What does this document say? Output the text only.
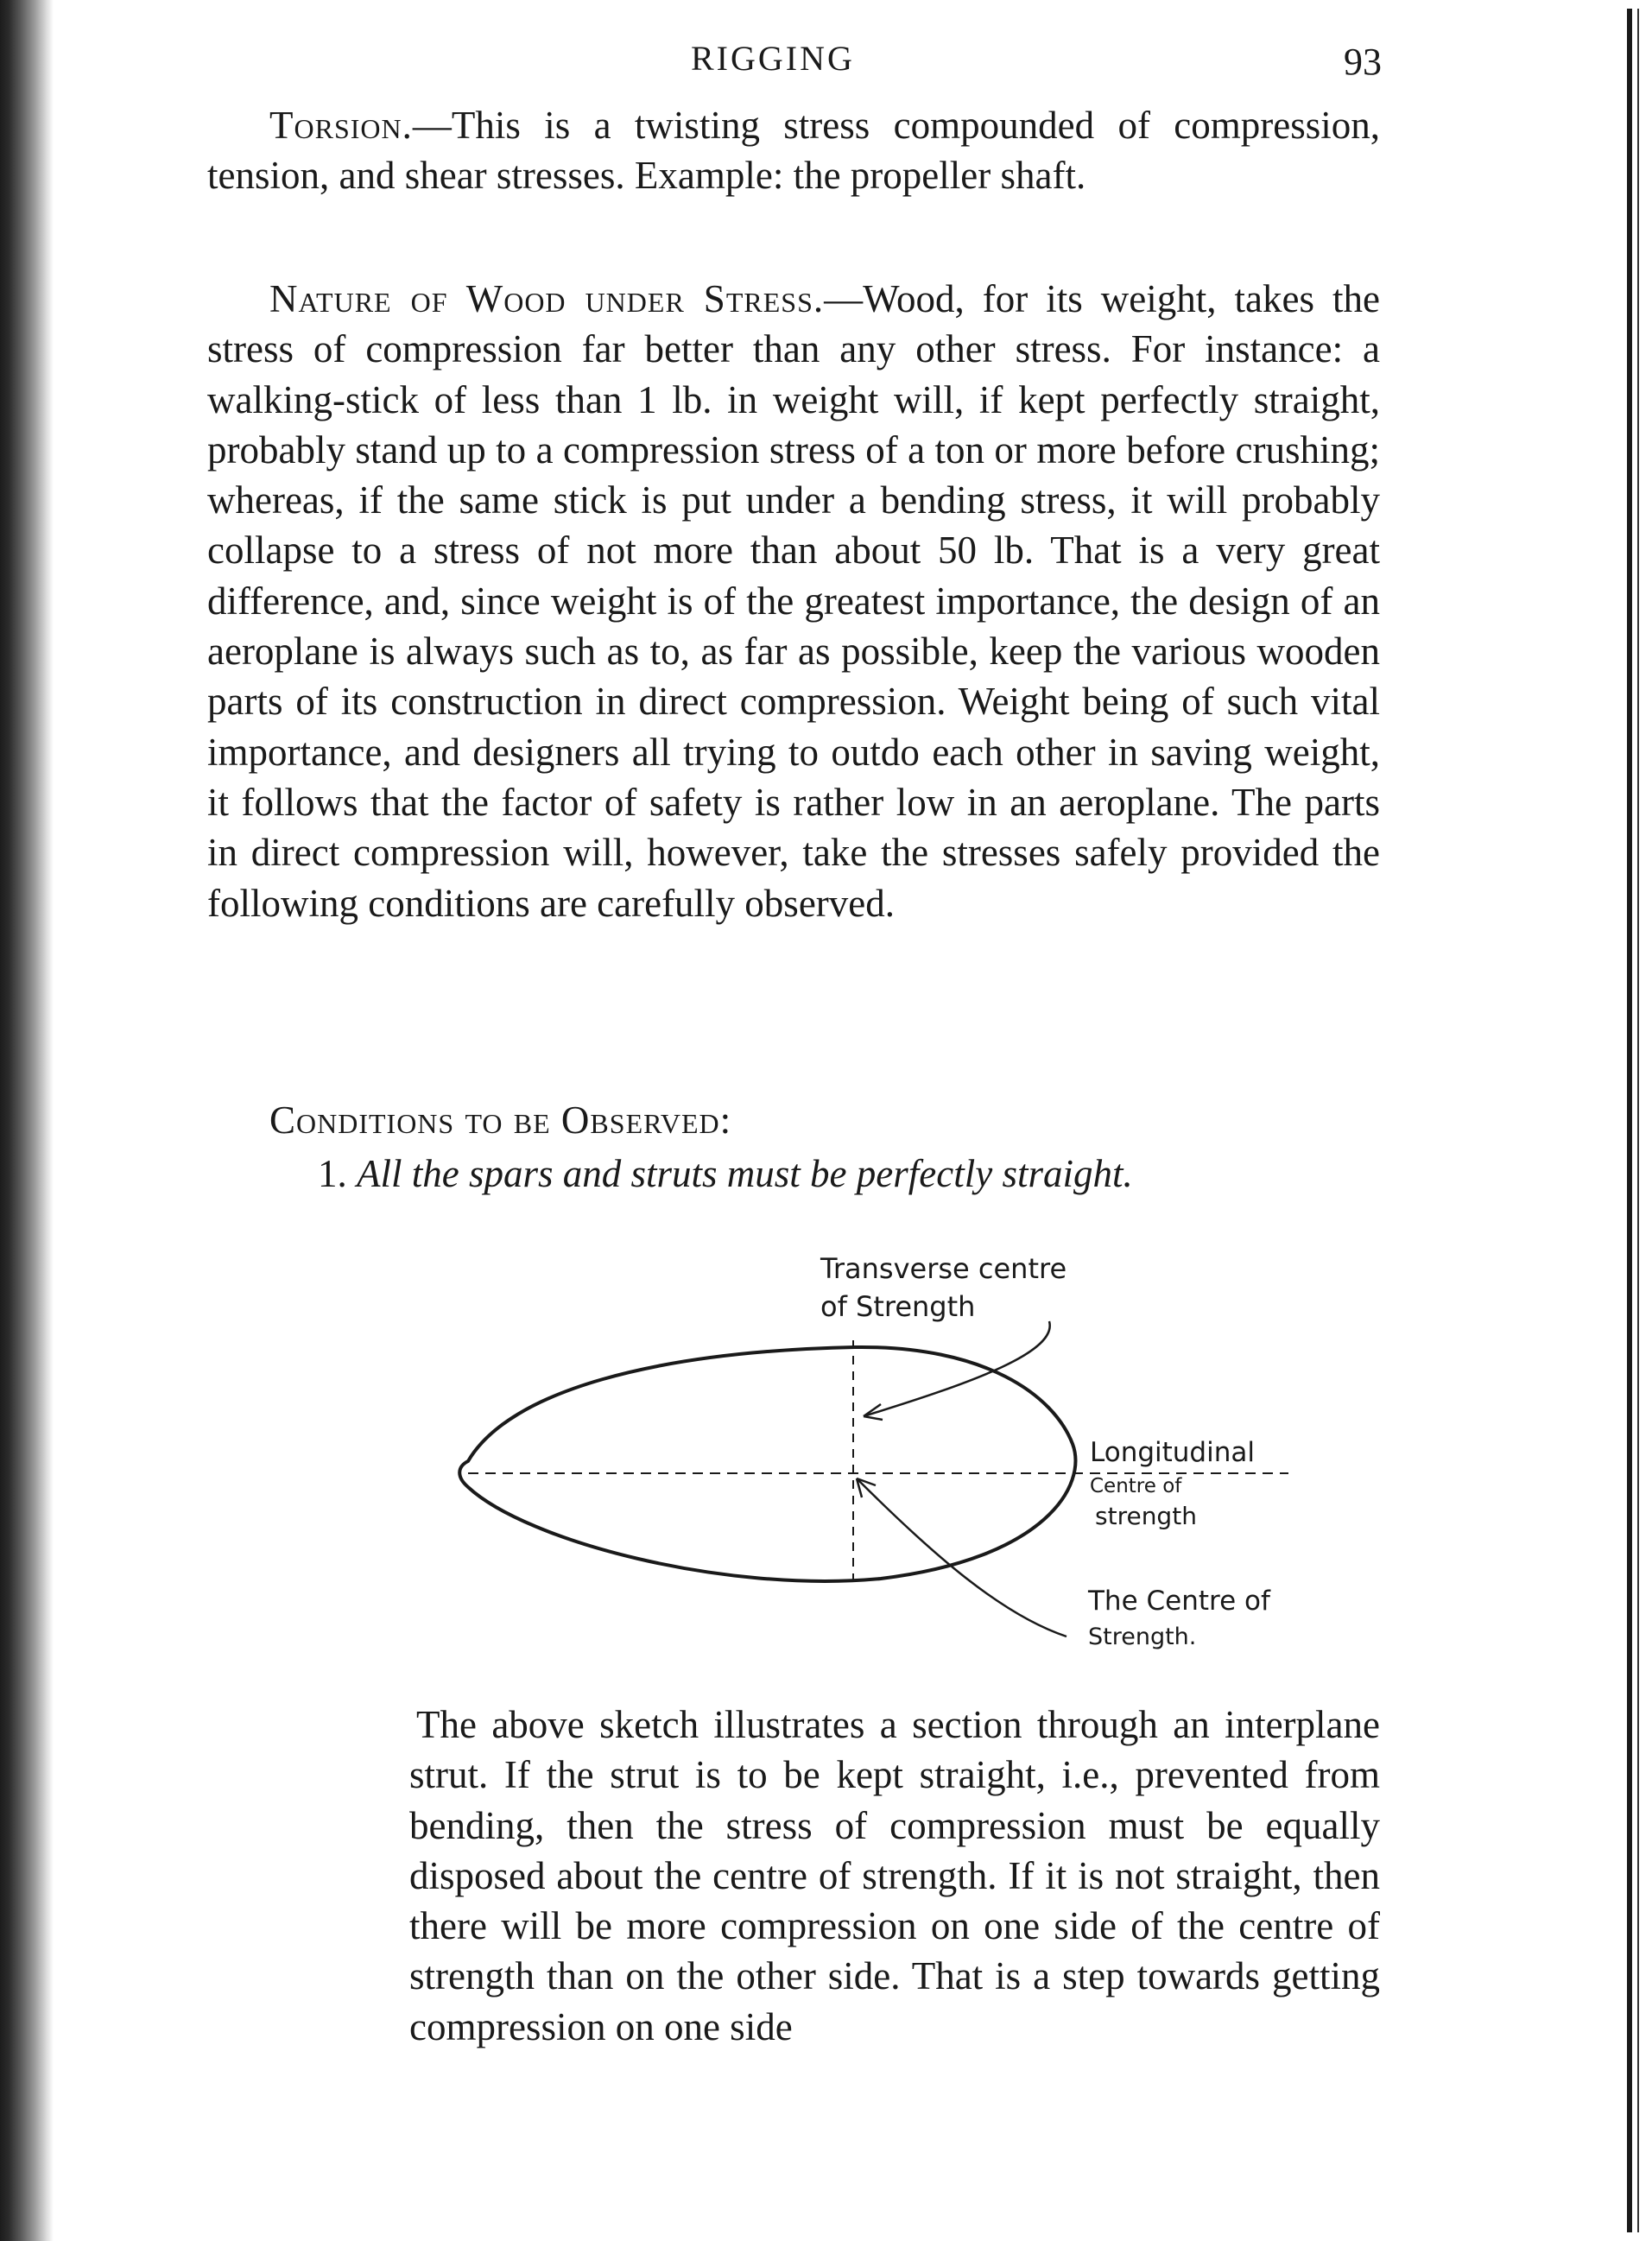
RIGGING	93

Torsion.—This is a twisting stress compounded of compression, tension, and shear stresses. Example: the propeller shaft.

Nature of Wood under Stress.—Wood, for its weight, takes the stress of compression far better than any other stress. For instance: a walking-stick of less than 1 lb. in weight will, if kept perfectly straight, probably stand up to a compression stress of a ton or more before crushing; whereas, if the same stick is put under a bending stress, it will probably collapse to a stress of not more than about 50 lb. That is a very great difference, and, since weight is of the greatest importance, the design of an aeroplane is always such as to, as far as possible, keep the various wooden parts of its construction in direct compression. Weight being of such vital importance, and designers all trying to outdo each other in saving weight, it follows that the factor of safety is rather low in an aeroplane. The parts in direct compression will, however, take the stresses safely provided the following conditions are carefully observed.

Conditions to be Observed:

1. All the spars and struts must be perfectly straight.

Transverse centre
of Strength
Longitudinal
Centre of
strength
The Centre of
Strength.

The above sketch illustrates a section through an interplane strut. If the strut is to be kept straight, i.e., prevented from bending, then the stress of compression must be equally disposed about the centre of strength. If it is not straight, then there will be more compression on one side of the centre of strength than on the other side. That is a step towards getting compression on one side
